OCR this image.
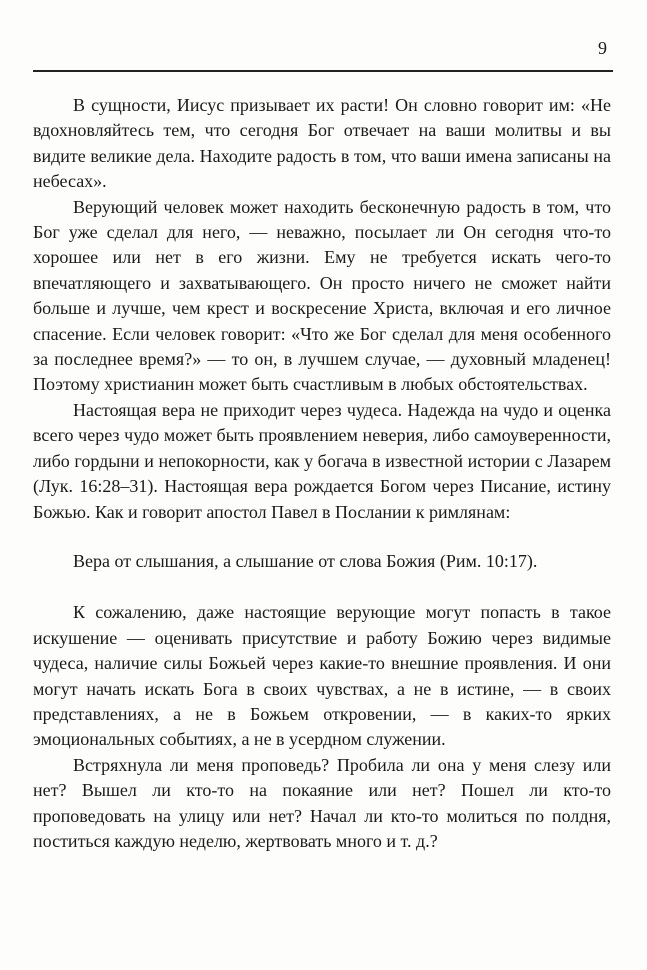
9

В сущности, Иисус призывает их расти! Он словно говорит им: «Не вдохновляйтесь тем, что сегодня Бог отвечает на ваши молитвы и вы видите великие дела. Находите радость в том, что ваши имена записаны на небесах».

Верующий человек может находить бесконечную радость в том, что Бог уже сделал для него, — неважно, посылает ли Он сегодня что-то хорошее или нет в его жизни. Ему не требуется искать чего-то впечатляющего и захватывающего. Он просто ничего не сможет найти больше и лучше, чем крест и воскресение Христа, включая и его личное спасение. Если человек говорит: «Что же Бог сделал для меня особенного за последнее время?» — то он, в лучшем случае, — духовный младенец! Поэтому христианин может быть счастливым в любых обстоятельствах.

Настоящая вера не приходит через чудеса. Надежда на чудо и оценка всего через чудо может быть проявлением неверия, либо самоуверенности, либо гордыни и непокорности, как у богача в известной истории с Лазарем (Лук. 16:28–31). Настоящая вера рождается Богом через Писание, истину Божью. Как и говорит апостол Павел в Послании к римлянам:

Вера от слышания, а слышание от слова Божия (Рим. 10:17).

К сожалению, даже настоящие верующие могут попасть в такое искушение — оценивать присутствие и работу Божию через видимые чудеса, наличие силы Божьей через какие-то внешние проявления. И они могут начать искать Бога в своих чувствах, а не в истине, — в своих представлениях, а не в Божьем откровении, — в каких-то ярких эмоциональных событиях, а не в усердном служении.

Встряхнула ли меня проповедь? Пробила ли она у меня слезу или нет? Вышел ли кто-то на покаяние или нет? Пошел ли кто-то проповедовать на улицу или нет? Начал ли кто-то молиться по полдня, поститься каждую неделю, жертвовать много и т. д.?
